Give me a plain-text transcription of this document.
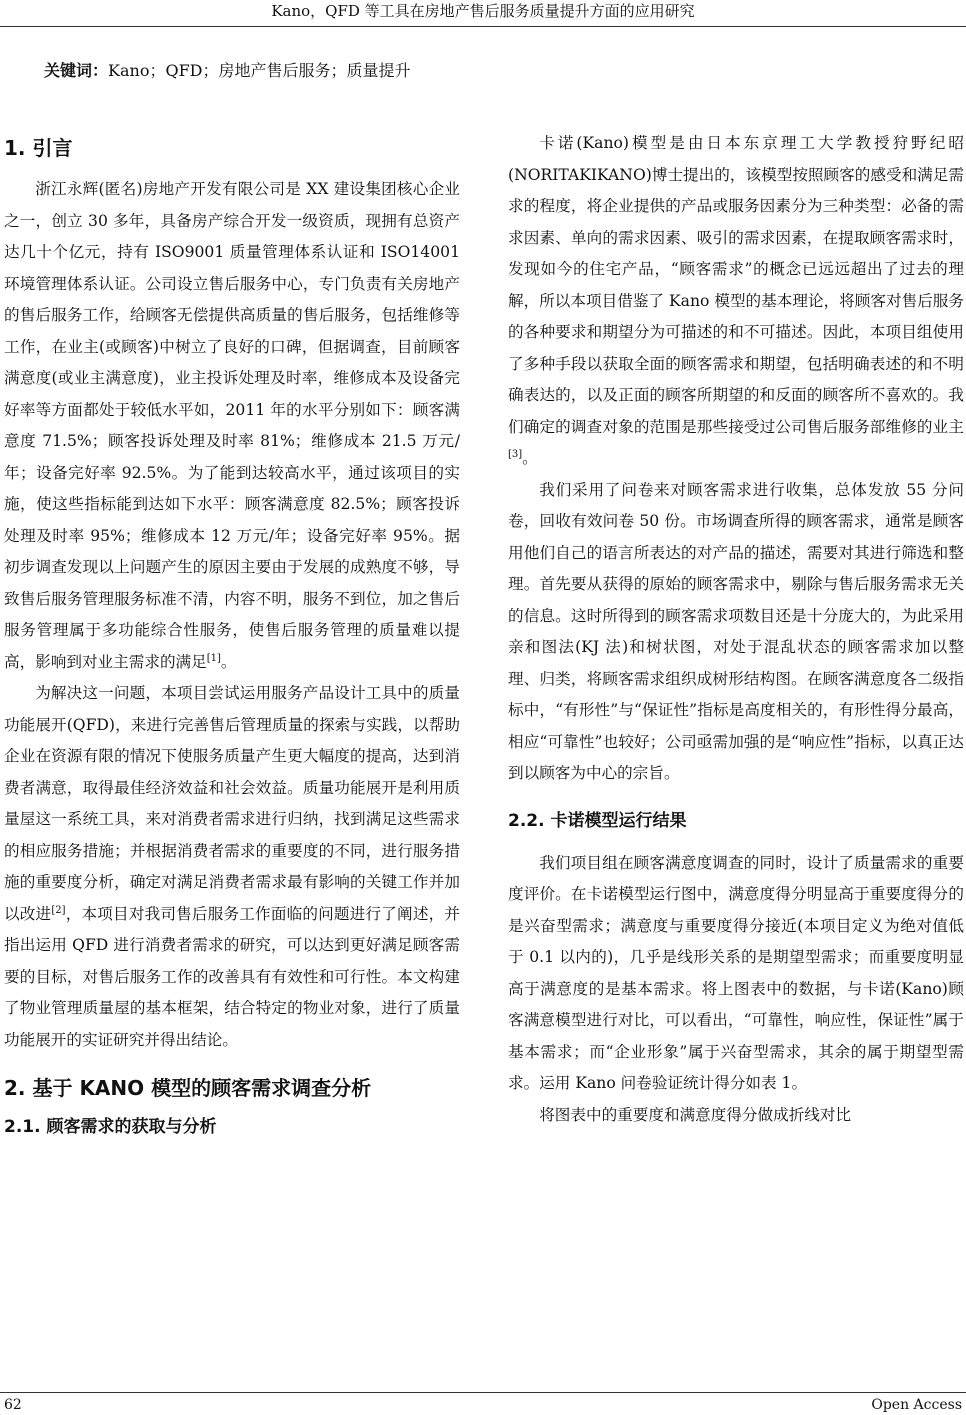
Kano，QFD 等工具在房地产售后服务质量提升方面的应用研究
关键词：Kano；QFD；房地产售后服务；质量提升
1. 引言

浙江永辉(匿名)房地产开发有限公司是 XX 建设集团核心企业之一，创立 30 多年，具备房产综合开发一级资质，现拥有总资产达几十个亿元，持有 ISO9001 质量管理体系认证和 ISO14001 环境管理体系认证。公司设立售后服务中心，专门负责有关房地产的售后服务工作，给顾客无偿提供高质量的售后服务，包括维修等工作，在业主(或顾客)中树立了良好的口碑，但据调查，目前顾客满意度(或业主满意度)，业主投诉处理及时率，维修成本及设备完好率等方面都处于较低水平如，2011 年的水平分别如下：顾客满意度 71.5%；顾客投诉处理及时率 81%；维修成本 21.5 万元/年；设备完好率 92.5%。为了能到达较高水平，通过该项目的实施，使这些指标能到达如下水平：顾客满意度 82.5%；顾客投诉处理及时率 95%；维修成本 12 万元/年；设备完好率 95%。据初步调查发现以上问题产生的原因主要由于发展的成熟度不够，导致售后服务管理服务标准不清，内容不明，服务不到位，加之售后服务管理属于多功能综合性服务，使售后服务管理的质量难以提高，影响到对业主需求的满足[1]。

为解决这一问题，本项目尝试运用服务产品设计工具中的质量功能展开(QFD)，来进行完善售后管理质量的探索与实践，以帮助企业在资源有限的情况下使服务质量产生更大幅度的提高，达到消费者满意，取得最佳经济效益和社会效益。质量功能展开是利用质量屋这一系统工具，来对消费者需求进行归纳，找到满足这些需求的相应服务措施；并根据消费者需求的重要度的不同，进行服务措施的重要度分析，确定对满足消费者需求最有影响的关键工作并加以改进[2]，本项目对我司售后服务工作面临的问题进行了阐述，并指出运用 QFD 进行消费者需求的研究，可以达到更好满足顾客需要的目标，对售后服务工作的改善具有有效性和可行性。本文构建了物业管理质量屋的基本框架，结合特定的物业对象，进行了质量功能展开的实证研究并得出结论。

2. 基于 KANO 模型的顾客需求调查分析
2.1. 顾客需求的获取与分析

卡诺(Kano)模型是由日本东京理工大学教授狩野纪昭(NORITAKIKANO)博士提出的，该模型按照顾客的感受和满足需求的程度，将企业提供的产品或服务因素分为三种类型：必备的需求因素、单向的需求因素、吸引的需求因素，在提取顾客需求时，发现如今的住宅产品，“顾客需求”的概念已远远超出了过去的理解，所以本项目借鉴了 Kano 模型的基本理论，将顾客对售后服务的各种要求和期望分为可描述的和不可描述。因此，本项目组使用了多种手段以获取全面的顾客需求和期望，包括明确表述的和不明确表达的，以及正面的顾客所期望的和反面的顾客所不喜欢的。我们确定的调查对象的范围是那些接受过公司售后服务部维修的业主[3]。

我们采用了问卷来对顾客需求进行收集，总体发放 55 分问卷，回收有效问卷 50 份。市场调查所得的顾客需求，通常是顾客用他们自己的语言所表达的对产品的描述，需要对其进行筛选和整理。首先要从获得的原始的顾客需求中，剔除与售后服务需求无关的信息。这时所得到的顾客需求项数目还是十分庞大的，为此采用亲和图法(KJ 法)和树状图，对处于混乱状态的顾客需求加以整理、归类，将顾客需求组织成树形结构图。在顾客满意度各二级指标中，“有形性”与“保证性”指标是高度相关的，有形性得分最高，相应“可靠性”也较好；公司亟需加强的是“响应性”指标，以真正达到以顾客为中心的宗旨。

2.2. 卡诺模型运行结果

我们项目组在顾客满意度调查的同时，设计了质量需求的重要度评价。在卡诺模型运行图中，满意度得分明显高于重要度得分的是兴奋型需求；满意度与重要度得分接近(本项目定义为绝对值低于 0.1 以内的)，几乎是线形关系的是期望型需求；而重要度明显高于满意度的是基本需求。将上图表中的数据，与卡诺(Kano)顾客满意模型进行对比，可以看出，“可靠性，响应性，保证性”属于基本需求；而“企业形象”属于兴奋型需求，其余的属于期望型需求。运用 Kano 问卷验证统计得分如表 1。

将图表中的重要度和满意度得分做成折线对比

62	Open Access
